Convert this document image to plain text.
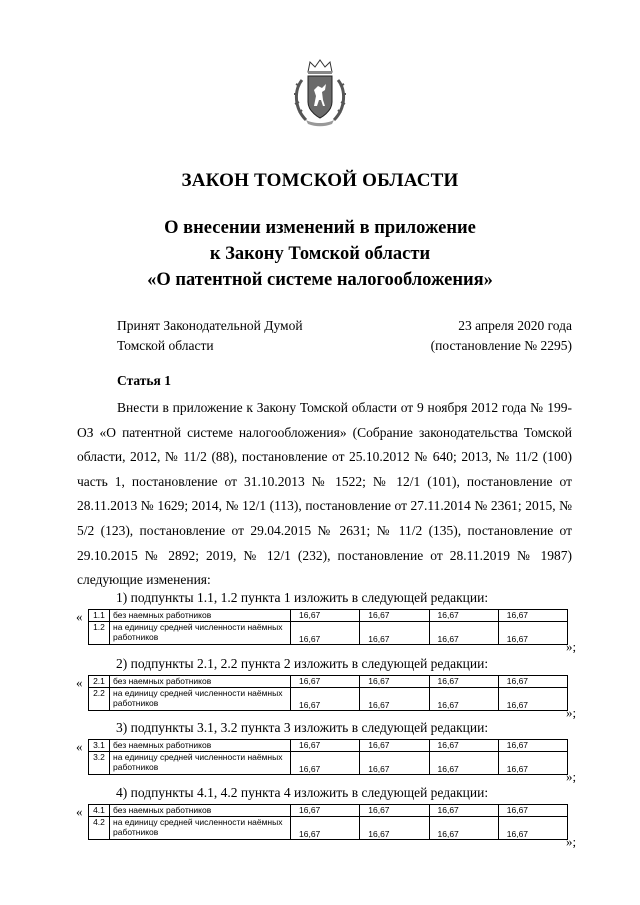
ЗАКОН ТОМСКОЙ ОБЛАСТИ
О внесении изменений в приложение
к Закону Томской области
«О патентной системе налогообложения»
Принят Законодательной Думой
Томской области
23 апреля 2020 года
(постановление № 2295)
Статья 1

Внести в приложение к Закону Томской области от 9 ноября 2012 года № 199-ОЗ «О патентной системе налогообложения» (Собрание законодательства Томской области, 2012, № 11/2 (88), постановление от 25.10.2012 № 640; 2013, № 11/2 (100) часть 1, постановление от 31.10.2013 № 1522; № 12/1 (101), постановление от 28.11.2013 № 1629; 2014, № 12/1 (113), постановление от 27.11.2014 № 2361; 2015, № 5/2 (123), постановление от 29.04.2015 № 2631; № 11/2 (135), постановление от 29.10.2015 № 2892; 2019, № 12/1 (232), постановление от 28.11.2019 № 1987) следующие изменения:

1) подпункты 1.1, 1.2 пункта 1 изложить в следующей редакции:
« 1.1	без наемных работников	16,67	16,67	16,67	16,67
1.2	на единицу средней численности наёмных работников	16,67	16,67	16,67	16,67	»;
2) подпункты 2.1, 2.2 пункта 2 изложить в следующей редакции:
« 2.1	без наемных работников	16,67	16,67	16,67	16,67
2.2	на единицу средней численности наёмных работников	16,67	16,67	16,67	16,67	»;
3) подпункты 3.1, 3.2 пункта 3 изложить в следующей редакции:
« 3.1	без наемных работников	16,67	16,67	16,67	16,67
3.2	на единицу средней численности наёмных работников	16,67	16,67	16,67	16,67	»;
4) подпункты 4.1, 4.2 пункта 4 изложить в следующей редакции:
« 4.1	без наемных работников	16,67	16,67	16,67	16,67
4.2	на единицу средней численности наёмных работников	16,67	16,67	16,67	16,67	»;
